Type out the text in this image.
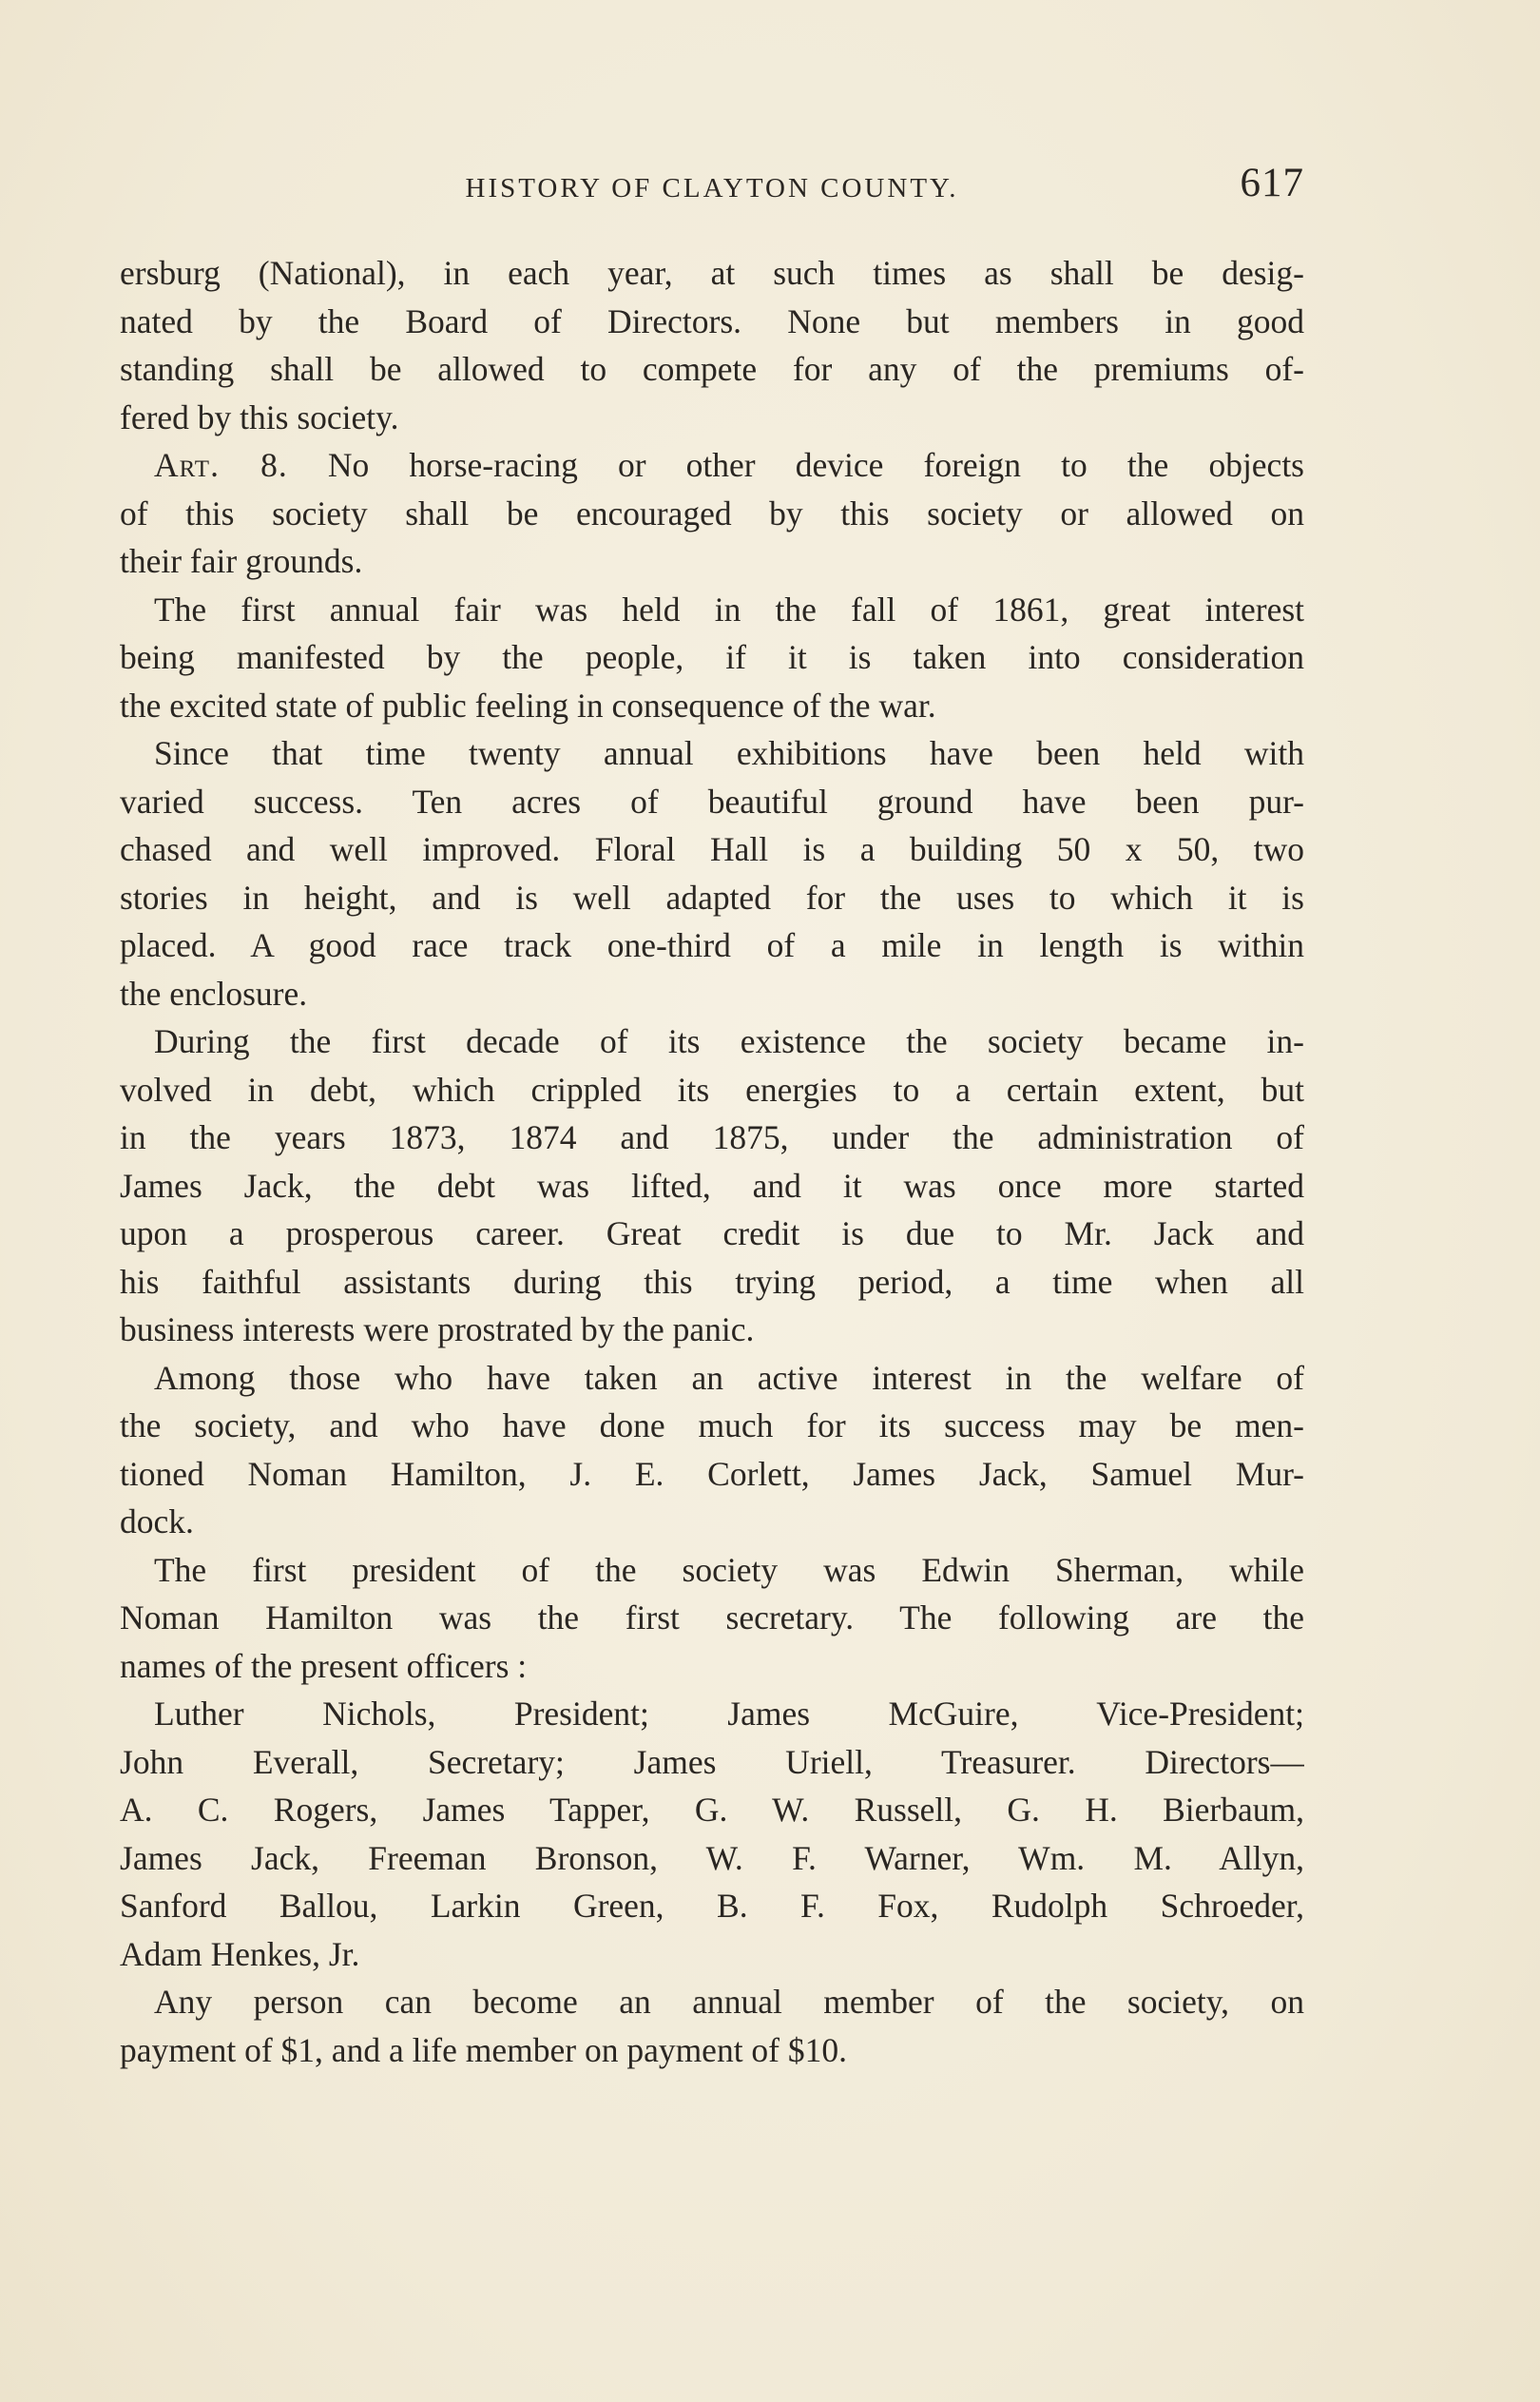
HISTORY OF CLAYTON COUNTY.	617
ersburg (National), in each year, at such times as shall be desig-
nated by the Board of Directors. None but members in good
standing shall be allowed to compete for any of the premiums of-
fered by this society.
Art. 8. No horse-racing or other device foreign to the objects
of this society shall be encouraged by this society or allowed on
their fair grounds.
The first annual fair was held in the fall of 1861, great interest
being manifested by the people, if it is taken into consideration
the excited state of public feeling in consequence of the war.
Since that time twenty annual exhibitions have been held with
varied success. Ten acres of beautiful ground have been pur-
chased and well improved. Floral Hall is a building 50 x 50, two
stories in height, and is well adapted for the uses to which it is
placed. A good race track one-third of a mile in length is within
the enclosure.
During the first decade of its existence the society became in-
volved in debt, which crippled its energies to a certain extent, but
in the years 1873, 1874 and 1875, under the administration of
James Jack, the debt was lifted, and it was once more started
upon a prosperous career. Great credit is due to Mr. Jack and
his faithful assistants during this trying period, a time when all
business interests were prostrated by the panic.
Among those who have taken an active interest in the welfare of
the society, and who have done much for its success may be men-
tioned Noman Hamilton, J. E. Corlett, James Jack, Samuel Mur-
dock.
The first president of the society was Edwin Sherman, while
Noman Hamilton was the first secretary. The following are the
names of the present officers :
Luther Nichols, President; James McGuire, Vice-President;
John Everall, Secretary; James Uriell, Treasurer. Directors—
A. C. Rogers, James Tapper, G. W. Russell, G. H. Bierbaum,
James Jack, Freeman Bronson, W. F. Warner, Wm. M. Allyn,
Sanford Ballou, Larkin Green, B. F. Fox, Rudolph Schroeder,
Adam Henkes, Jr.
Any person can become an annual member of the society, on
payment of $1, and a life member on payment of $10.
